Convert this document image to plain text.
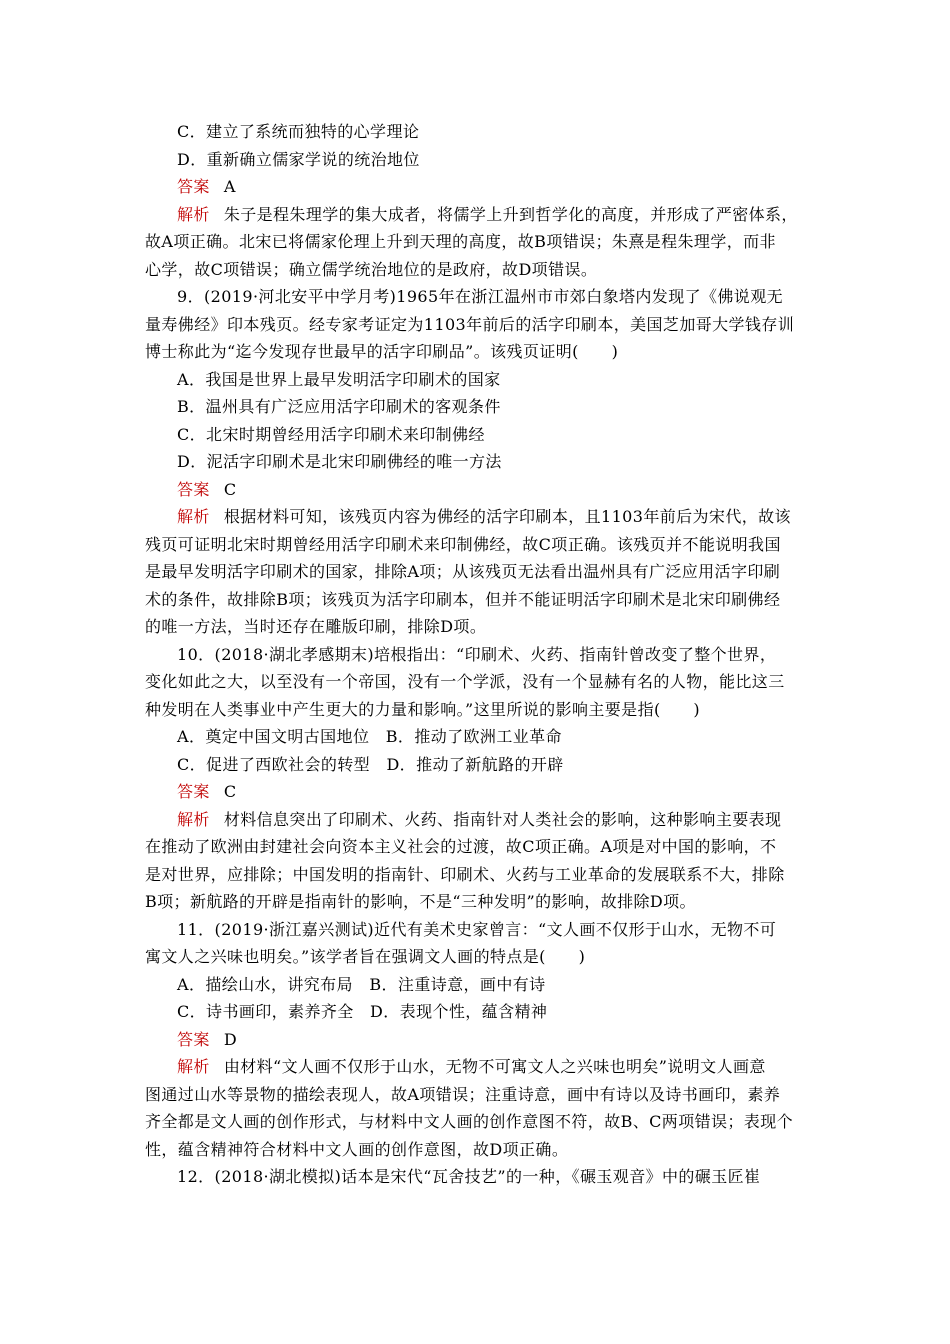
C．建立了系统而独特的心学理论
D．重新确立儒家学说的统治地位
答案 A
解析 朱子是程朱理学的集大成者，将儒学上升到哲学化的高度，并形成了严密体系，
故A项正确。北宋已将儒家伦理上升到天理的高度，故B项错误；朱熹是程朱理学，而非
心学，故C项错误；确立儒学统治地位的是政府，故D项错误。
9．(2019·河北安平中学月考)1965年在浙江温州市市郊白象塔内发现了《佛说观无
量寿佛经》印本残页。经专家考证定为1103年前后的活字印刷本，美国芝加哥大学钱存训
博士称此为“迄今发现存世最早的活字印刷品”。该残页证明(　　)
A．我国是世界上最早发明活字印刷术的国家
B．温州具有广泛应用活字印刷术的客观条件
C．北宋时期曾经用活字印刷术来印制佛经
D．泥活字印刷术是北宋印刷佛经的唯一方法
答案 C
解析 根据材料可知，该残页内容为佛经的活字印刷本，且1103年前后为宋代，故该
残页可证明北宋时期曾经用活字印刷术来印制佛经，故C项正确。该残页并不能说明我国
是最早发明活字印刷术的国家，排除A项；从该残页无法看出温州具有广泛应用活字印刷
术的条件，故排除B项；该残页为活字印刷本，但并不能证明活字印刷术是北宋印刷佛经
的唯一方法，当时还存在雕版印刷，排除D项。
10．(2018·湖北孝感期末)培根指出：“印刷术、火药、指南针曾改变了整个世界，
变化如此之大，以至没有一个帝国，没有一个学派，没有一个显赫有名的人物，能比这三
种发明在人类事业中产生更大的力量和影响。”这里所说的影响主要是指(　　)
A．奠定中国文明古国地位　B．推动了欧洲工业革命
C．促进了西欧社会的转型　D．推动了新航路的开辟
答案 C
解析 材料信息突出了印刷术、火药、指南针对人类社会的影响，这种影响主要表现
在推动了欧洲由封建社会向资本主义社会的过渡，故C项正确。A项是对中国的影响，不
是对世界，应排除；中国发明的指南针、印刷术、火药与工业革命的发展联系不大，排除
B项；新航路的开辟是指南针的影响，不是“三种发明”的影响，故排除D项。
11．(2019·浙江嘉兴测试)近代有美术史家曾言：“文人画不仅形于山水，无物不可
寓文人之兴味也明矣。”该学者旨在强调文人画的特点是(　　)
A．描绘山水，讲究布局　B．注重诗意，画中有诗
C．诗书画印，素养齐全　D．表现个性，蕴含精神
答案 D
解析 由材料“文人画不仅形于山水，无物不可寓文人之兴味也明矣”说明文人画意
图通过山水等景物的描绘表现人，故A项错误；注重诗意，画中有诗以及诗书画印，素养
齐全都是文人画的创作形式，与材料中文人画的创作意图不符，故B、C两项错误；表现个
性，蕴含精神符合材料中文人画的创作意图，故D项正确。
12．(2018·湖北模拟)话本是宋代“瓦舍技艺”的一种，《碾玉观音》中的碾玉匠崔
